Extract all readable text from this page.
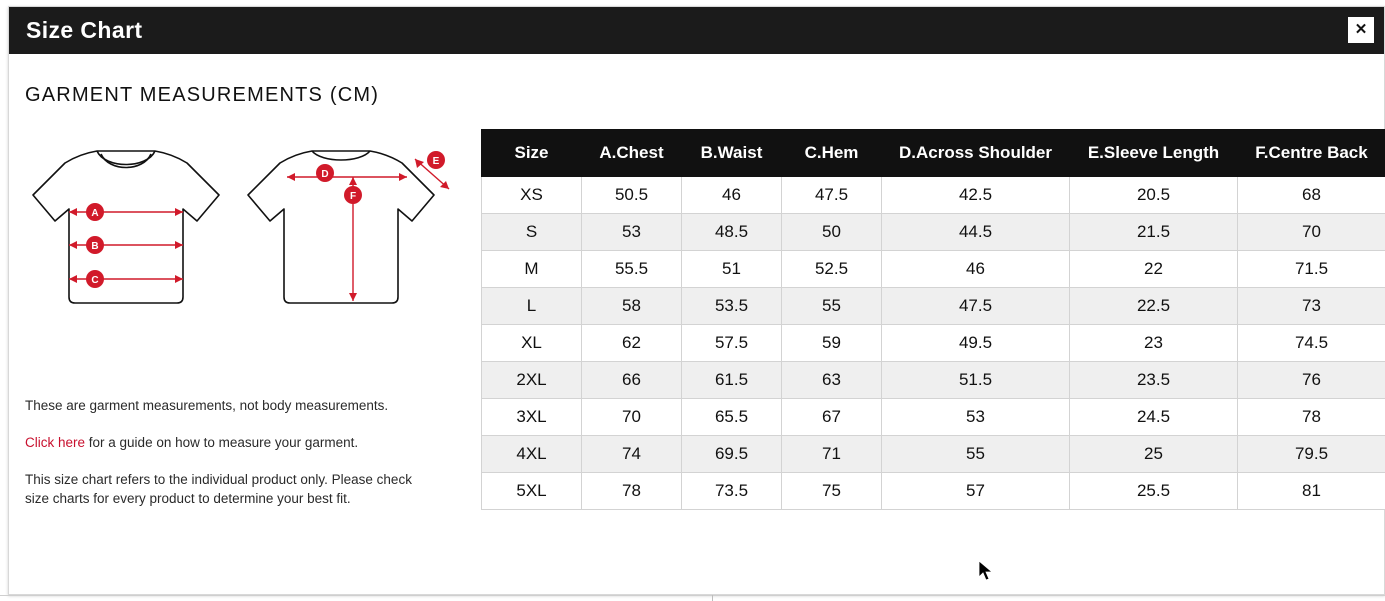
Size Chart	✕
GARMENT MEASUREMENTS (CM)
A
B
C
D
E
F

These are garment measurements, not body measurements.

Click here for a guide on how to measure your garment.

This size chart refers to the individual product only. Please check size charts for every product to determine your best fit.

Size	A.Chest	B.Waist	C.Hem	D.Across Shoulder	E.Sleeve Length	F.Centre Back
XS	50.5	46	47.5	42.5	20.5	68
S	53	48.5	50	44.5	21.5	70
M	55.5	51	52.5	46	22	71.5
L	58	53.5	55	47.5	22.5	73
XL	62	57.5	59	49.5	23	74.5
2XL	66	61.5	63	51.5	23.5	76
3XL	70	65.5	67	53	24.5	78
4XL	74	69.5	71	55	25	79.5
5XL	78	73.5	75	57	25.5	81
